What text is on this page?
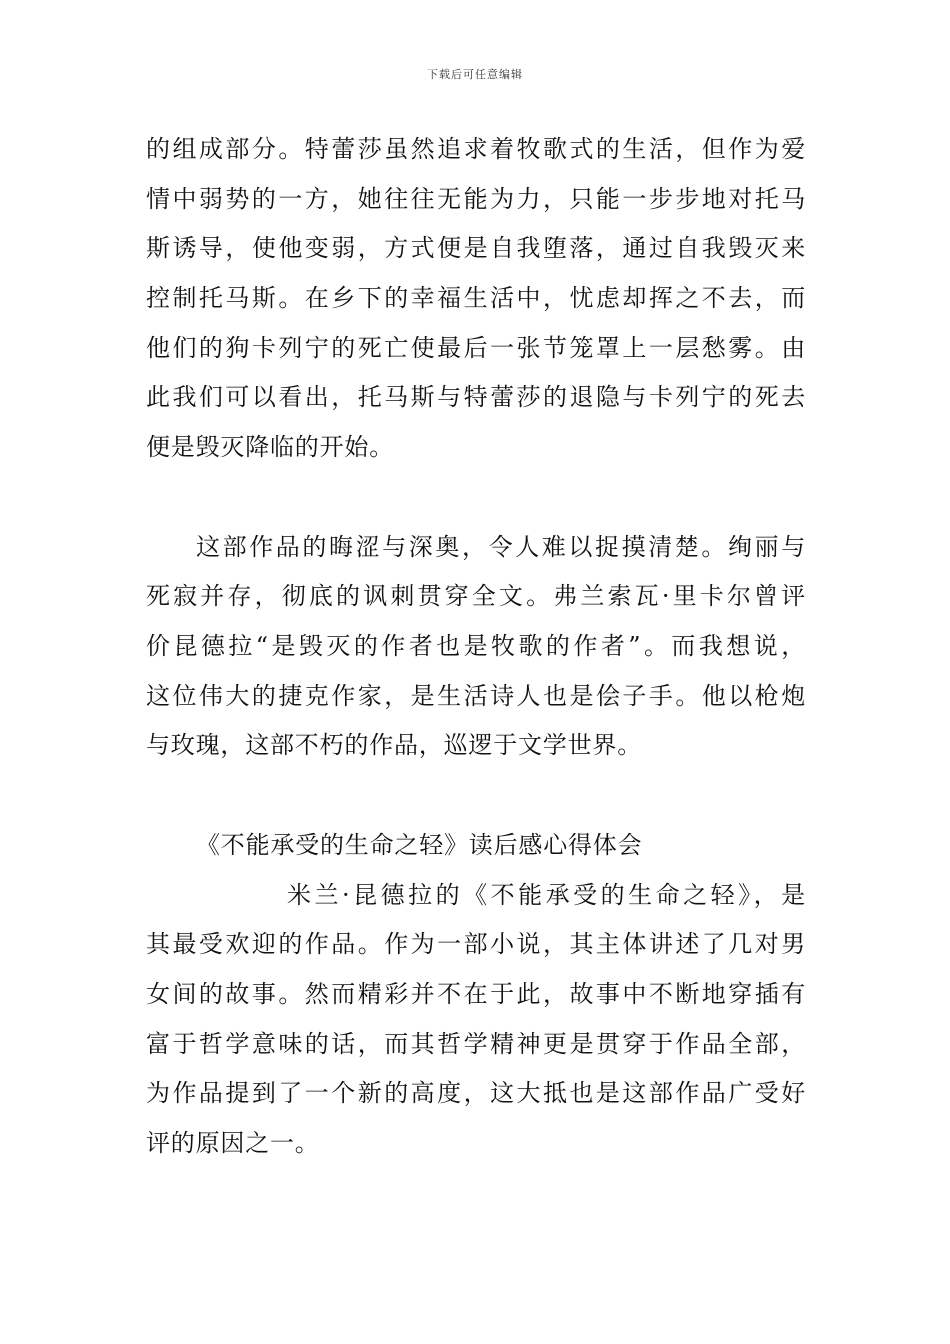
下载后可任意编辑
的组成部分。特蕾莎虽然追求着牧歌式的生活，但作为爱
情中弱势的一方，她往往无能为力，只能一步步地对托马
斯诱导，使他变弱，方式便是自我堕落，通过自我毁灭来
控制托马斯。在乡下的幸福生活中，忧虑却挥之不去，而
他们的狗卡列宁的死亡使最后一张节笼罩上一层愁雾。由
此我们可以看出，托马斯与特蕾莎的退隐与卡列宁的死去
便是毁灭降临的开始。
这部作品的晦涩与深奥，令人难以捉摸清楚。绚丽与
死寂并存，彻底的讽刺贯穿全文。弗兰索瓦·里卡尔曾评
价昆德拉“是毁灭的作者也是牧歌的作者”。而我想说，
这位伟大的捷克作家，是生活诗人也是侩子手。他以枪炮
与玫瑰，这部不朽的作品，巡逻于文学世界。
《不能承受的生命之轻》读后感心得体会
米兰·昆德拉的《不能承受的生命之轻》，是
其最受欢迎的作品。作为一部小说，其主体讲述了几对男
女间的故事。然而精彩并不在于此，故事中不断地穿插有
富于哲学意味的话，而其哲学精神更是贯穿于作品全部，
为作品提到了一个新的高度，这大抵也是这部作品广受好
评的原因之一。
